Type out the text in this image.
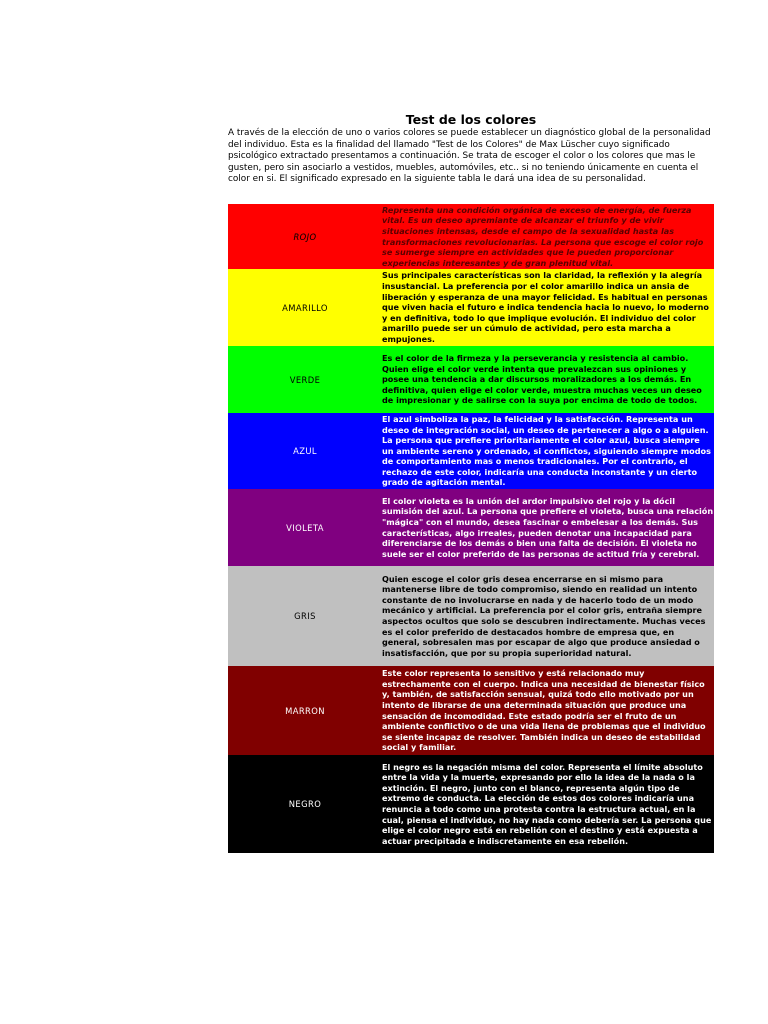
Test de los colores

A través de la elección de uno o varios colores se puede establecer un diagnóstico global de la personalidad del individuo. Esta es la finalidad del llamado "Test de los Colores" de Max Lüscher cuyo significado psicológico extractado presentamos a continuación. Se trata de escoger el color o los colores que mas le gusten, pero sin asociarlo a vestidos, muebles, automóviles, etc.. si no teniendo únicamente en cuenta el color en si. El significado expresado en la siguiente tabla le dará una idea de su personalidad.

ROJO	Representa una condición orgánica de exceso de energía, de fuerza vital. Es un deseo apremiante de alcanzar el triunfo y de vivir situaciones intensas, desde el campo de la sexualidad hasta las transformaciones revolucionarias. La persona que escoge el color rojo se sumerge siempre en actividades que le pueden proporcionar experiencias interesantes y de gran plenitud vital.
AMARILLO	Sus principales características son la claridad, la reflexión y la alegría insustancial. La preferencia por el color amarillo indica un ansia de liberación y esperanza de una mayor felicidad. Es habitual en personas que viven hacia el futuro e indica tendencia hacia lo nuevo, lo moderno y en definitiva, todo lo que implique evolución. El individuo del color amarillo puede ser un cúmulo de actividad, pero esta marcha a empujones.
VERDE	Es el color de la firmeza y la perseverancia y resistencia al cambio. Quien elige el color verde intenta que prevalezcan sus opiniones y posee una tendencia a dar discursos moralizadores a los demás. En definitiva, quien elige el color verde, muestra muchas veces un deseo de impresionar y de salirse con la suya por encima de todo de todos.
AZUL	El azul simboliza la paz, la felicidad y la satisfacción. Representa un deseo de integración social, un deseo de pertenecer a algo o a alguien. La persona que prefiere prioritariamente el color azul, busca siempre un ambiente sereno y ordenado, si conflictos, siguiendo siempre modos de comportamiento mas o menos tradicionales. Por el contrario, el rechazo de este color, indicaría una conducta inconstante y un cierto grado de agitación mental.
VIOLETA	El color violeta es la unión del ardor impulsivo del rojo y la dócil sumisión del azul. La persona que prefiere el violeta, busca una relación "mágica" con el mundo, desea fascinar o embelesar a los demás. Sus características, algo irreales, pueden denotar una incapacidad para diferenciarse de los demás o bien una falta de decisión. El violeta no suele ser el color preferido de las personas de actitud fría y cerebral.
GRIS	Quien escoge el color gris desea encerrarse en si mismo para mantenerse libre de todo compromiso, siendo en realidad un intento constante de no involucrarse en nada y de hacerlo todo de un modo mecánico y artificial. La preferencia por el color gris, entraña siempre aspectos ocultos que solo se descubren indirectamente. Muchas veces es el color preferido de destacados hombre de empresa que, en general, sobresalen mas por escapar de algo que produce ansiedad o insatisfacción, que por su propia superioridad natural.
MARRON	Este color representa lo sensitivo y está relacionado muy estrechamente con el cuerpo. Indica una necesidad de bienestar físico y, también, de satisfacción sensual, quizá todo ello motivado por un intento de librarse de una determinada situación que produce una sensación de incomodidad. Este estado podría ser el fruto de un ambiente conflictivo o de una vida llena de problemas que el individuo se siente incapaz de resolver. También indica un deseo de estabilidad social y familiar.
NEGRO	El negro es la negación misma del color. Representa el límite absoluto entre la vida y la muerte, expresando por ello la idea de la nada o la extinción. El negro, junto con el blanco, representa algún tipo de extremo de conducta. La elección de estos dos colores indicaría una renuncia a todo como una protesta contra la estructura actual, en la cual, piensa el individuo, no hay nada como debería ser. La persona que elige el color negro está en rebelión con el destino y está expuesta a actuar precipitada e indiscretamente en esa rebelión.
